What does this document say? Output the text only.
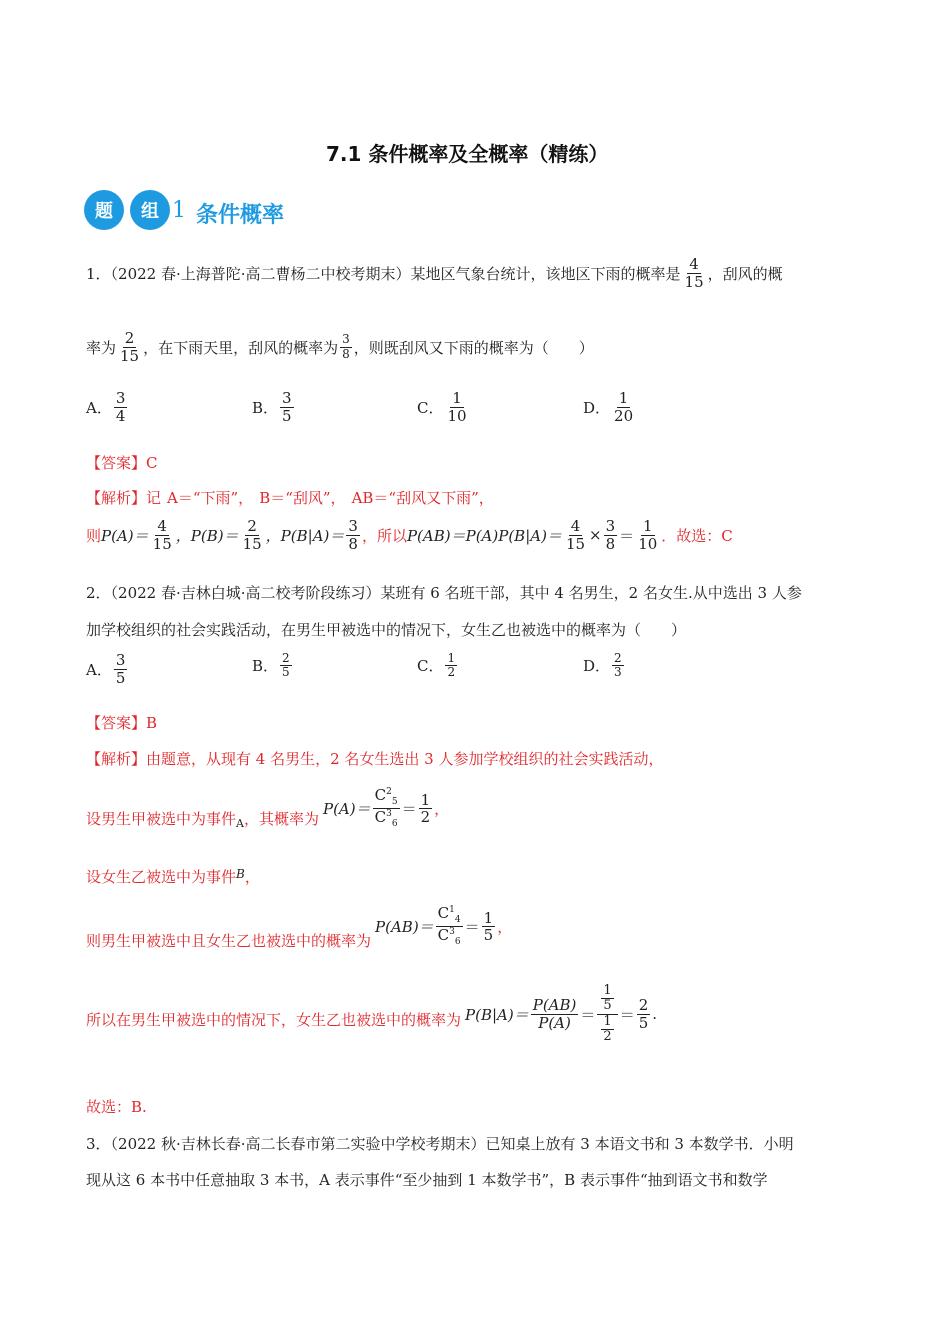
7.1 条件概率及全概率（精练）
题	组 1 条件概率
1．（2022 春·上海普陀·高二曹杨二中校考期末）某地区气象台统计，该地区下雨的概率是 $\frac{4}{15}$ ，刮风的概
率为 $\frac{2}{15}$ ，在下雨天里，刮风的概率为 $\frac{3}{8}$ ，则既刮风又下雨的概率为（　　）
A． $\frac{3}{4}$	B． $\frac{3}{5}$	C． $\frac{1}{10}$	D． $\frac{1}{20}$
【答案】C
【解析】记 A＝“下雨”， B＝“刮风”， AB＝“刮风又下雨”，
则 $P(A)= \frac{4}{15}$ ，$P(B)= \frac{2}{15}$ ，$P(B|A)= \frac{3}{8}$ ，所以 $P(AB)=P(A)P(B|A)= \frac{4}{15} \times \frac{3}{8} = \frac{1}{10}$ ．故选：C
2．（2022 春·吉林白城·高二校考阶段练习）某班有 6 名班干部，其中 4 名男生，2 名女生.从中选出 3 人参
加学校组织的社会实践活动，在男生甲被选中的情况下，女生乙也被选中的概率为（　　）
A． $\frac{3}{5}$	B． $\frac{2}{5}$	C． $\frac{1}{2}$	D． $\frac{2}{3}$
【答案】B
【解析】由题意，从现有 4 名男生，2 名女生选出 3 人参加学校组织的社会实践活动，
设男生甲被选中为事件 A ，其概率为
$P(A)= \frac{C^2_5}{C^3_6} = \frac{1}{2}$ ，
设女生乙被选中为事件 B ，
则男生甲被选中且女生乙也被选中的概率为
$P(AB)= \frac{C^1_4}{C^3_6} = \frac{1}{5}$ ，
所以在男生甲被选中的情况下，女生乙也被选中的概率为 $P(B|A)= \frac{P(AB)}{P(A)} = \frac{\frac{1}{5}}{\frac{1}{2}} = \frac{2}{5}$ .
故选：B.
3．（2022 秋·吉林长春·高二长春市第二实验中学校考期末）已知桌上放有 3 本语文书和 3 本数学书．小明
现从这 6 本书中任意抽取 3 本书，A 表示事件“至少抽到 1 本数学书”，B 表示事件“抽到语文书和数学
